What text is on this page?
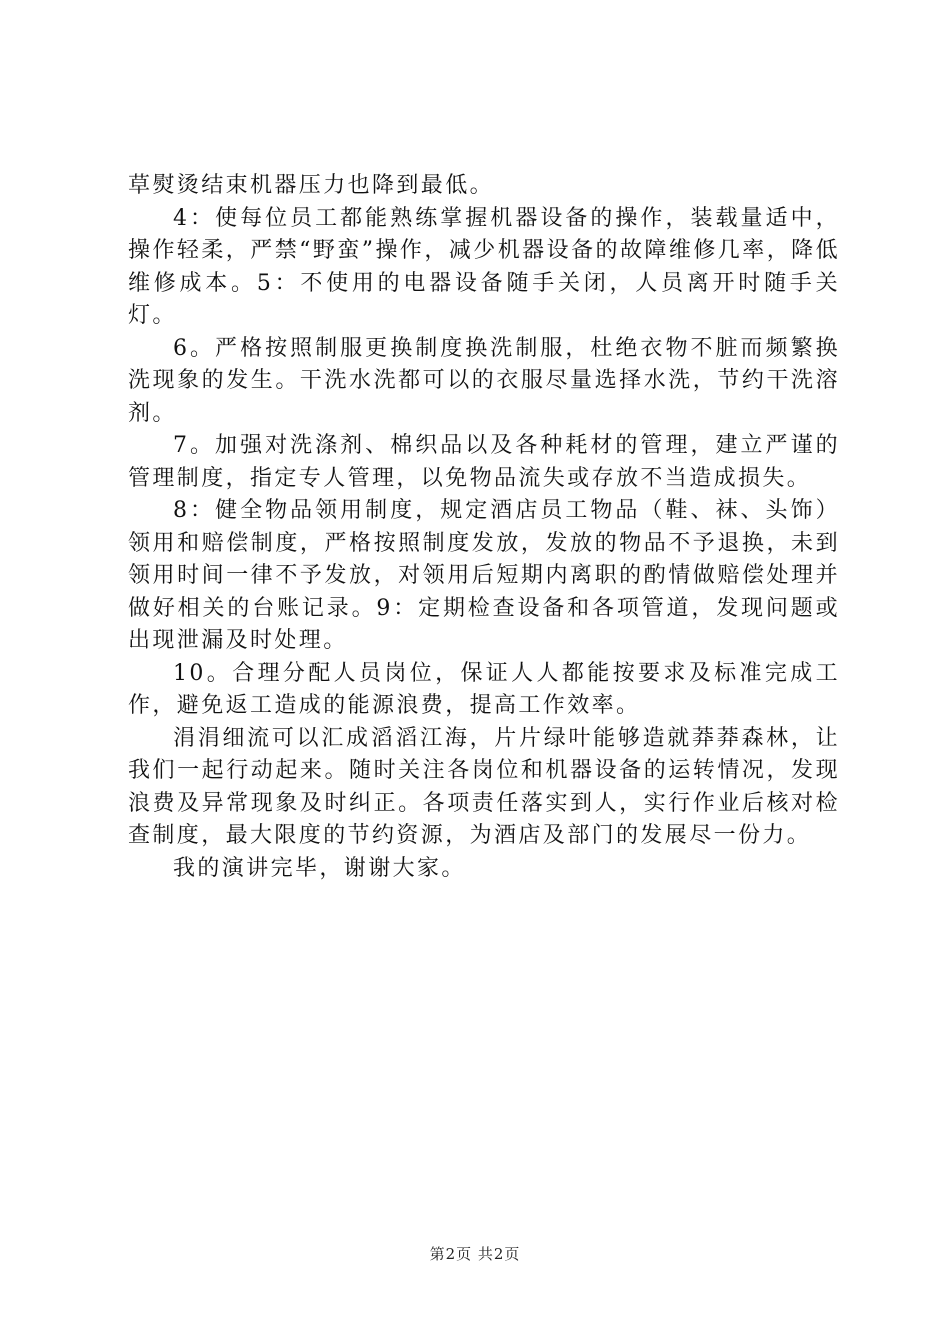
草熨烫结束机器压力也降到最低。

4：使每位员工都能熟练掌握机器设备的操作，装载量适中，操作轻柔，严禁“野蛮”操作，减少机器设备的故障维修几率，降低维修成本。5：不使用的电器设备随手关闭，人员离开时随手关灯。

6。严格按照制服更换制度换洗制服，杜绝衣物不脏而频繁换洗现象的发生。干洗水洗都可以的衣服尽量选择水洗，节约干洗溶剂。

7。加强对洗涤剂、棉织品以及各种耗材的管理，建立严谨的管理制度，指定专人管理，以免物品流失或存放不当造成损失。

8：健全物品领用制度，规定酒店员工物品（鞋、袜、头饰）领用和赔偿制度，严格按照制度发放，发放的物品不予退换，未到领用时间一律不予发放，对领用后短期内离职的酌情做赔偿处理并做好相关的台账记录。9：定期检查设备和各项管道，发现问题或出现泄漏及时处理。

10。合理分配人员岗位，保证人人都能按要求及标准完成工作，避免返工造成的能源浪费，提高工作效率。

涓涓细流可以汇成滔滔江海，片片绿叶能够造就莽莽森林，让我们一起行动起来。随时关注各岗位和机器设备的运转情况，发现浪费及异常现象及时纠正。各项责任落实到人，实行作业后核对检查制度，最大限度的节约资源，为酒店及部门的发展尽一份力。

我的演讲完毕，谢谢大家。

第2页 共2页
